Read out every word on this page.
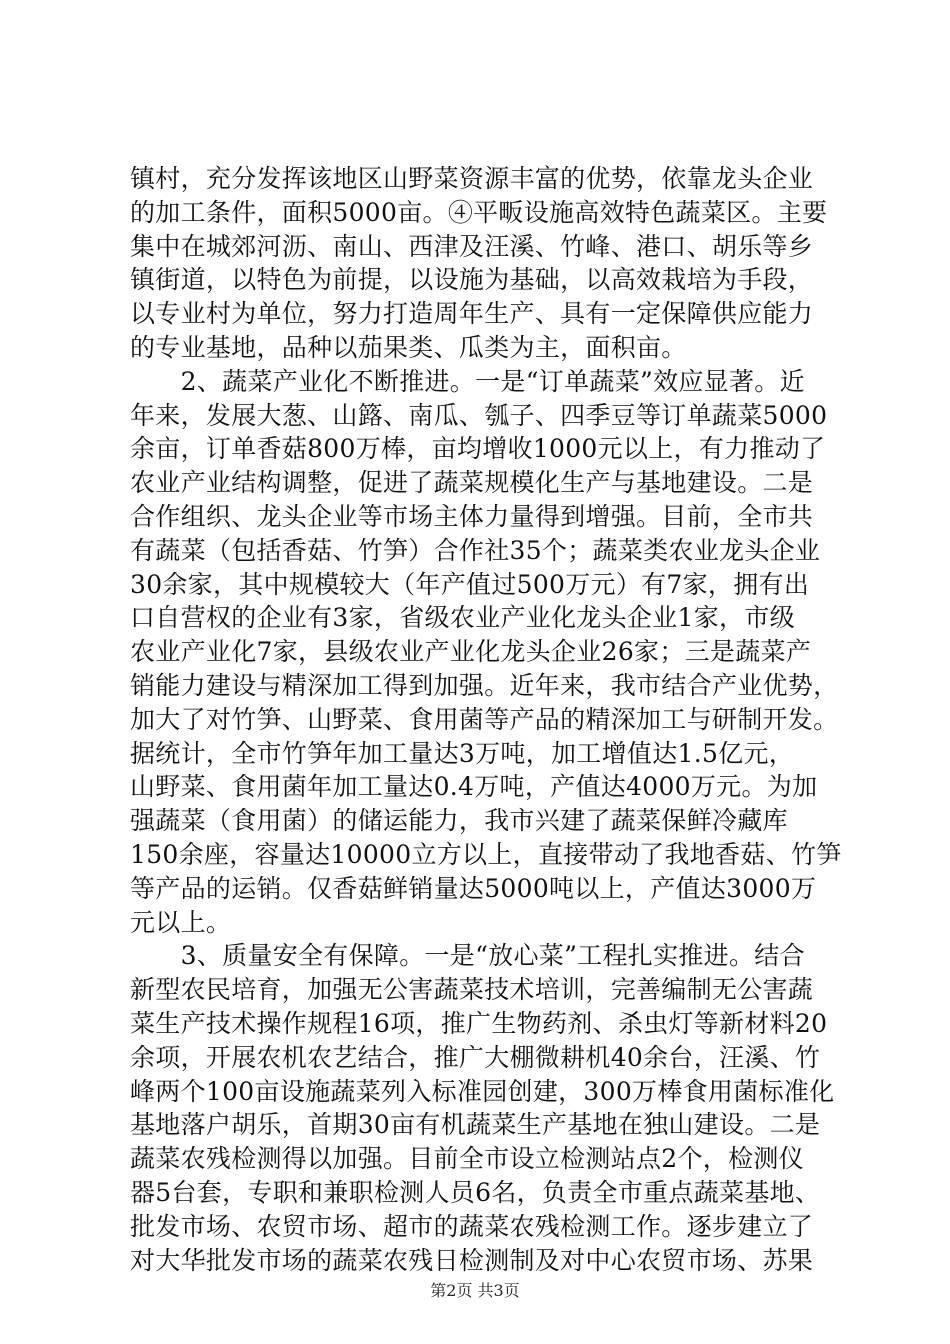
镇村，充分发挥该地区山野菜资源丰富的优势，依靠龙头企业
的加工条件，面积5000亩。④平畈设施高效特色蔬菜区。主要
集中在城郊河沥、南山、西津及汪溪、竹峰、港口、胡乐等乡
镇街道，以特色为前提，以设施为基础，以高效栽培为手段，
以专业村为单位，努力打造周年生产、具有一定保障供应能力
的专业基地，品种以茄果类、瓜类为主，面积亩。
　　2、蔬菜产业化不断推进。一是“订单蔬菜”效应显著。近
年来，发展大葱、山簬、南瓜、瓠子、四季豆等订单蔬菜5000
余亩，订单香菇800万棒，亩均增收1000元以上，有力推动了
农业产业结构调整，促进了蔬菜规模化生产与基地建设。二是
合作组织、龙头企业等市场主体力量得到增强。目前，全市共
有蔬菜（包括香菇、竹笋）合作社35个；蔬菜类农业龙头企业
30余家，其中规模较大（年产值过500万元）有7家，拥有出
口自营权的企业有3家，省级农业产业化龙头企业1家，市级
农业产业化7家，县级农业产业化龙头企业26家；三是蔬菜产
销能力建设与精深加工得到加强。近年来，我市结合产业优势，
加大了对竹笋、山野菜、食用菌等产品的精深加工与研制开发。
据统计，全市竹笋年加工量达3万吨，加工增值达1.5亿元，
山野菜、食用菌年加工量达0.4万吨，产值达4000万元。为加
强蔬菜（食用菌）的储运能力，我市兴建了蔬菜保鲜冷藏库
150余座，容量达10000立方以上，直接带动了我地香菇、竹笋
等产品的运销。仅香菇鲜销量达5000吨以上，产值达3000万
元以上。
　　3、质量安全有保障。一是“放心菜”工程扎实推进。结合
新型农民培育，加强无公害蔬菜技术培训，完善编制无公害蔬
菜生产技术操作规程16项，推广生物药剂、杀虫灯等新材料20
余项，开展农机农艺结合，推广大棚微耕机40余台，汪溪、竹
峰两个100亩设施蔬菜列入标准园创建，300万棒食用菌标准化
基地落户胡乐，首期30亩有机蔬菜生产基地在独山建设。二是
蔬菜农残检测得以加强。目前全市设立检测站点2个，检测仪
器5台套，专职和兼职检测人员6名，负责全市重点蔬菜基地、
批发市场、农贸市场、超市的蔬菜农残检测工作。逐步建立了
对大华批发市场的蔬菜农残日检测制及对中心农贸市场、苏果
第2页 共3页
